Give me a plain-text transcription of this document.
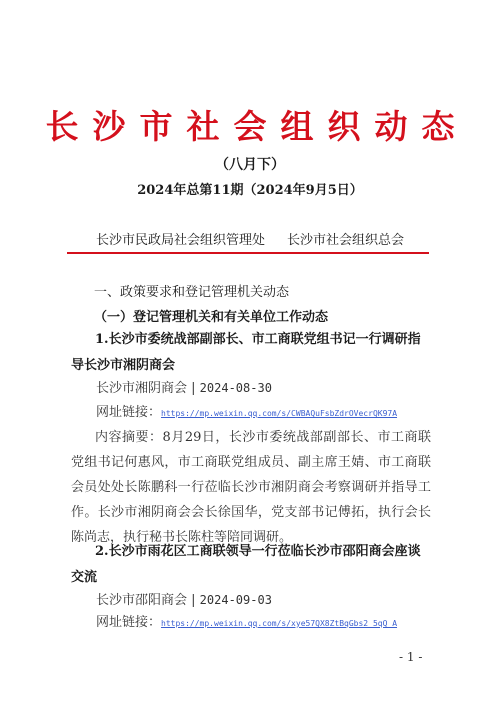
长沙市社会组织动态
（八月下）
2024年总第11期（2024年9月5日）
长沙市民政局社会组织管理处 长沙市社会组织总会
一、政策要求和登记管理机关动态
（一）登记管理机关和有关单位工作动态
1.长沙市委统战部副部长、市工商联党组书记一行调研指导长沙市湘阴商会
长沙市湘阴商会 | 2024-08-30
网址链接：https://mp.weixin.qq.com/s/CWBAQuFsbZdrOVecrQK97A
内容摘要：8月29日，长沙市委统战部副部长、市工商联党组书记何惠风，市工商联党组成员、副主席王婧、市工商联会员处处长陈鹏科一行莅临长沙市湘阴商会考察调研并指导工作。长沙市湘阴商会会长徐国华，党支部书记傅拓，执行会长陈尚志，执行秘书长陈柱等陪同调研。
2.长沙市雨花区工商联领导一行莅临长沙市邵阳商会座谈交流
长沙市邵阳商会 | 2024-09-03
网址链接：https://mp.weixin.qq.com/s/xye57QX8ZtBqGbs2_5qQ_A
- 1 -
